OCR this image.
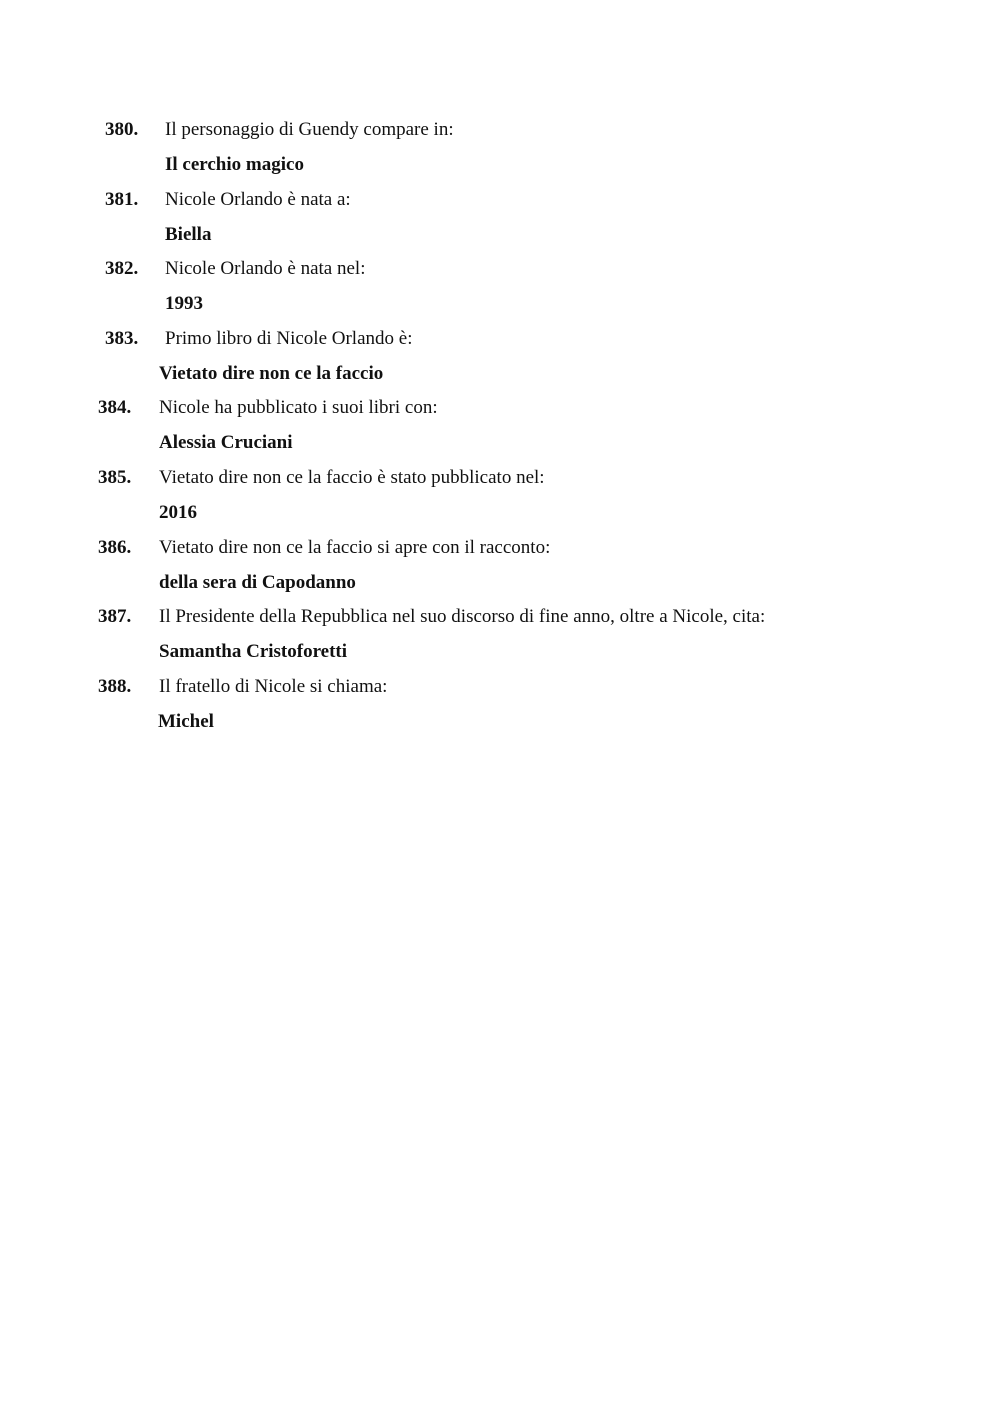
380.	Il personaggio di Guendy compare in:
Il cerchio magico
381.	Nicole Orlando è nata a:
Biella
382.	Nicole Orlando è nata nel:
1993
383.	Primo libro di Nicole Orlando è:
Vietato dire non ce la faccio
384.	Nicole ha pubblicato i suoi libri con:
Alessia Cruciani
385.	Vietato dire non ce la faccio è stato pubblicato nel:
2016
386.	Vietato dire non ce la faccio si apre con il racconto:
della sera di Capodanno
387.	Il Presidente della Repubblica nel suo discorso di fine anno, oltre a Nicole, cita:
Samantha Cristoforetti
388.	Il fratello di Nicole si chiama:
Michel
